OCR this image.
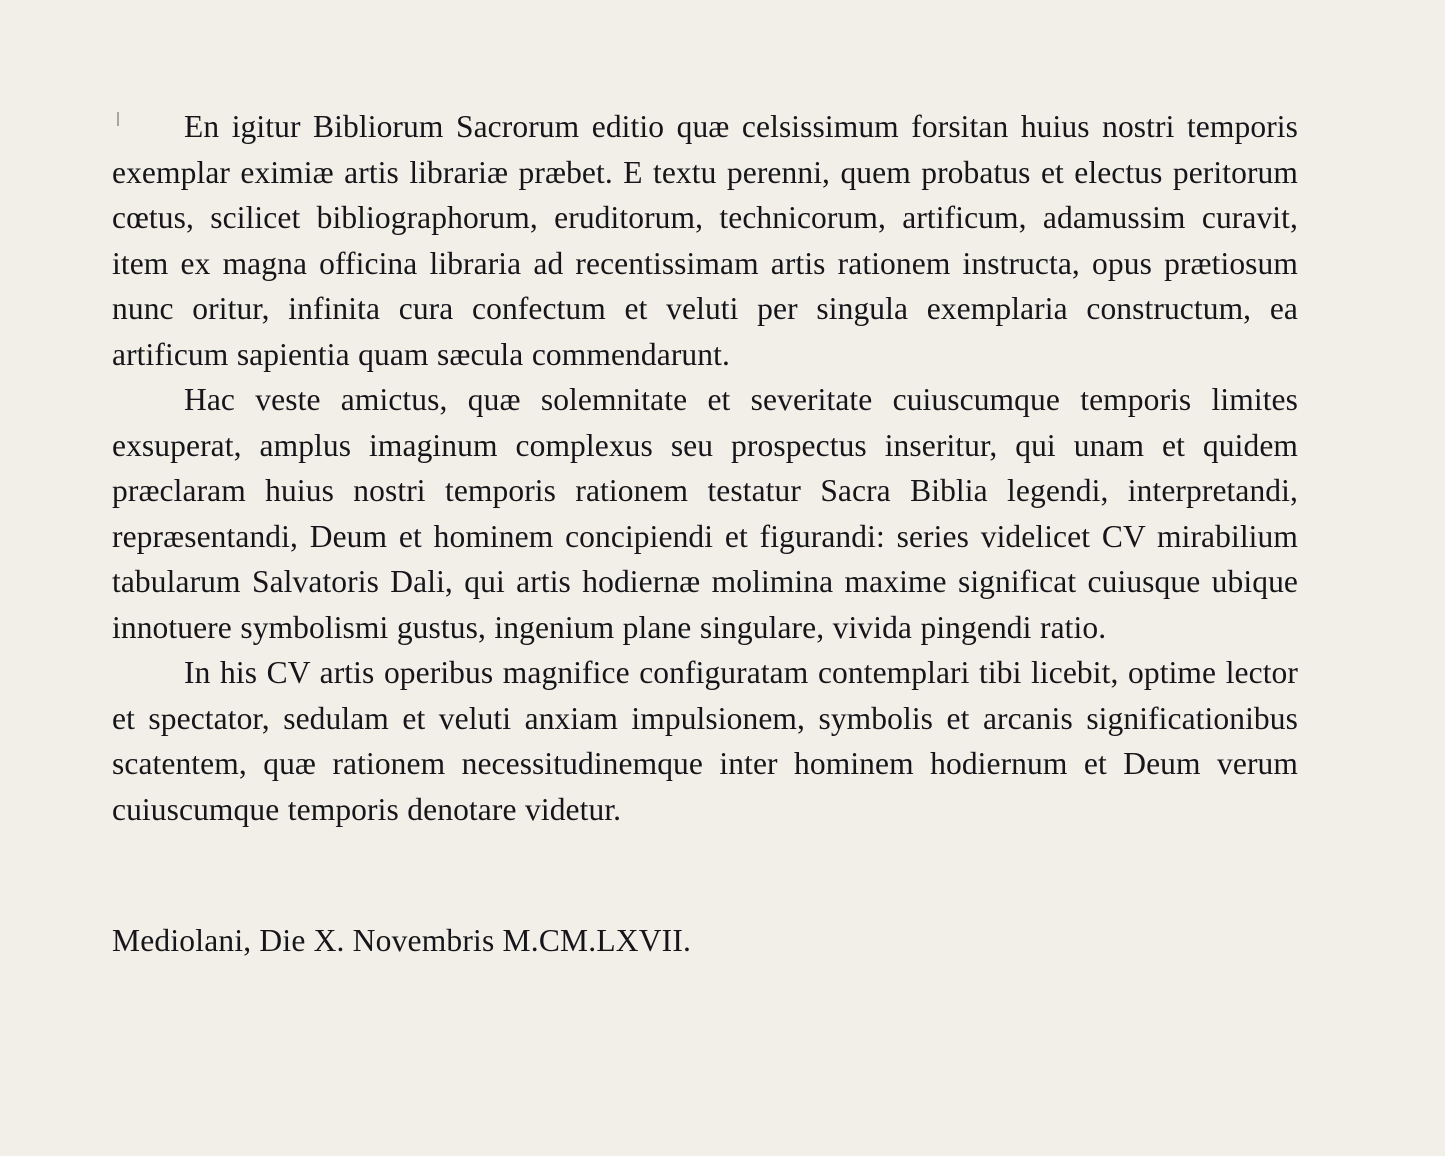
En igitur Bibliorum Sacrorum editio quæ celsissimum forsitan huius nostri temporis exemplar eximiæ artis librariæ præbet. E textu perenni, quem probatus et electus peritorum cœtus, scilicet bibliographorum, eruditorum, technicorum, artificum, adamussim curavit, item ex magna officina libraria ad recentissimam artis rationem instructa, opus prætiosum nunc oritur, infinita cura confectum et veluti per singula exemplaria constructum, ea artificum sapientia quam sæcula commendarunt.

Hac veste amictus, quæ solemnitate et severitate cuiuscumque temporis limites exsuperat, amplus imaginum complexus seu prospectus inseritur, qui unam et quidem præclaram huius nostri temporis rationem testatur Sacra Biblia legendi, interpretandi, repræsentandi, Deum et hominem concipiendi et figurandi: series videlicet CV mirabilium tabularum Salvatoris Dali, qui artis hodiernæ molimina maxime significat cuiusque ubique innotuere symbolismi gustus, ingenium plane singulare, vivida pingendi ratio.

In his CV artis operibus magnifice configuratam contemplari tibi licebit, optime lector et spectator, sedulam et veluti anxiam impulsionem, symbolis et arcanis significationibus scatentem, quæ rationem necessitudinemque inter hominem hodiernum et Deum verum cuiuscumque temporis denotare videtur.

Mediolani, Die X. Novembris M.CM.LXVII.
